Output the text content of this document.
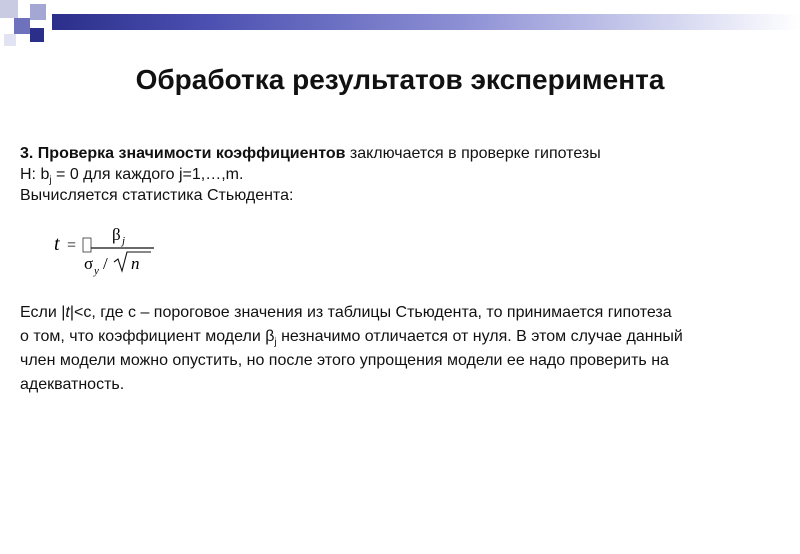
Обработка результатов эксперимента
3. Проверка значимости коэффициентов заключается в проверке гипотезы
H: $b_j = 0$ для каждого j=1,…,m.
Вычисляется статистика Стьюдента:
t =
β j
σ y / n
Если |t|<c, где c – пороговое значения из таблицы Стьюдента, то принимается гипотеза
о том, что коэффициент модели $\beta_j$ незначимо отличается от нуля. В этом случае данный
член модели можно опустить, но после этого упрощения модели ее надо проверить на
адекватность.
